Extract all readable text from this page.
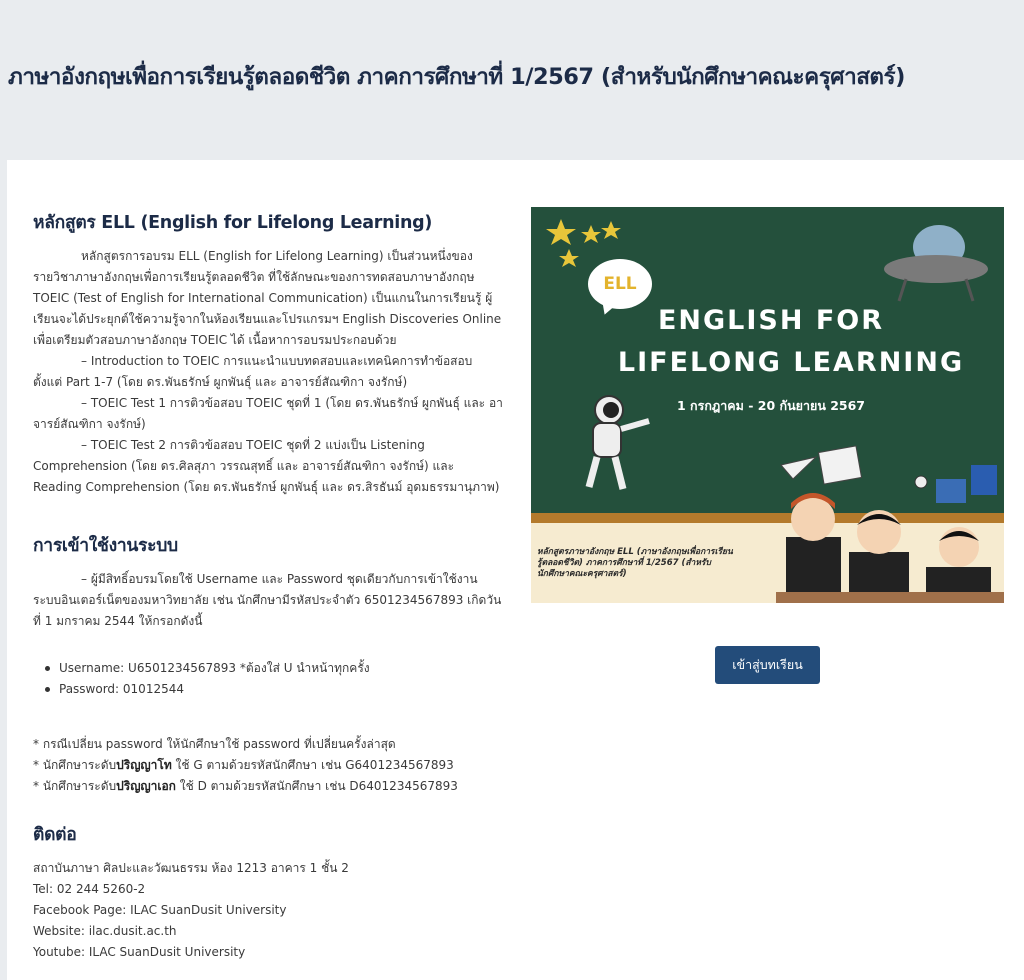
ภาษาอังกฤษเพื่อการเรียนรู้ตลอดชีวิต ภาคการศึกษาที่ 1/2567 (สำหรับนักศึกษาคณะครุศาสตร์)
หลักสูตร ELL (English for Lifelong Learning)
หลักสูตรการอบรม ELL (English for Lifelong Learning) เป็นส่วนหนึ่งของรายวิชาภาษาอังกฤษเพื่อการเรียนรู้ตลอดชีวิต ที่ใช้ลักษณะของการทดสอบภาษาอังกฤษ TOEIC (Test of English for International Communication) เป็นแกนในการเรียนรู้ ผู้เรียนจะได้ประยุกต์ใช้ความรู้จากในห้องเรียนและโปรแกรมฯ English Discoveries Online เพื่อเตรียมตัวสอบภาษาอังกฤษ TOEIC ได้ เนื้อหาการอบรมประกอบด้วย
– Introduction to TOEIC การแนะนำแบบทดสอบและเทคนิคการทำข้อสอบ ตั้งแต่ Part 1-7 (โดย ดร.พันธรักษ์ ผูกพันธุ์ และ อาจารย์สัณฑิกา จงรักษ์)
– TOEIC Test 1 การติวข้อสอบ TOEIC ชุดที่ 1 (โดย ดร.พันธรักษ์ ผูกพันธุ์ และ อาจารย์สัณฑิกา จงรักษ์)
– TOEIC Test 2 การติวข้อสอบ TOEIC ชุดที่ 2 แบ่งเป็น Listening Comprehension (โดย ดร.ศิลสุภา วรรณสุทธิ์ และ อาจารย์สัณฑิกา จงรักษ์) และ Reading Comprehension (โดย ดร.พันธรักษ์ ผูกพันธุ์ และ ดร.สิรธันม์ อุดมธรรมานุภาพ)
การเข้าใช้งานระบบ
– ผู้มีสิทธิ์อบรมโดยใช้ Username และ Password ชุดเดียวกับการเข้าใช้งานระบบอินเตอร์เน็ตของมหาวิทยาลัย เช่น นักศึกษามีรหัสประจำตัว 6501234567893 เกิดวันที่ 1 มกราคม 2544 ให้กรอกดังนี้
Username: U6501234567893 *ต้องใส่ U นำหน้าทุกครั้ง
Password: 01012544
* กรณีเปลี่ยน password ให้นักศึกษาใช้ password ที่เปลี่ยนครั้งล่าสุด
* นักศึกษาระดับปริญญาโท ใช้ G ตามด้วยรหัสนักศึกษา เช่น G6401234567893
* นักศึกษาระดับปริญญาเอก ใช้ D ตามด้วยรหัสนักศึกษา เช่น D6401234567893
ติดต่อ
สถาบันภาษา ศิลปะและวัฒนธรรม ห้อง 1213 อาคาร 1 ชั้น 2
Tel: 02 244 5260-2
Facebook Page: ILAC SuanDusit University
Website: ilac.dusit.ac.th
Youtube: ILAC SuanDusit University
ELL
ENGLISH FOR
LIFELONG LEARNING
1 กรกฎาคม - 20 กันยายน 2567
หลักสูตรภาษาอังกฤษ ELL (ภาษาอังกฤษเพื่อการเรียนรู้ตลอดชีวิต) ภาคการศึกษาที่ 1/2567 (สำหรับนักศึกษาคณะครุศาสตร์)
เข้าสู่บทเรียน
